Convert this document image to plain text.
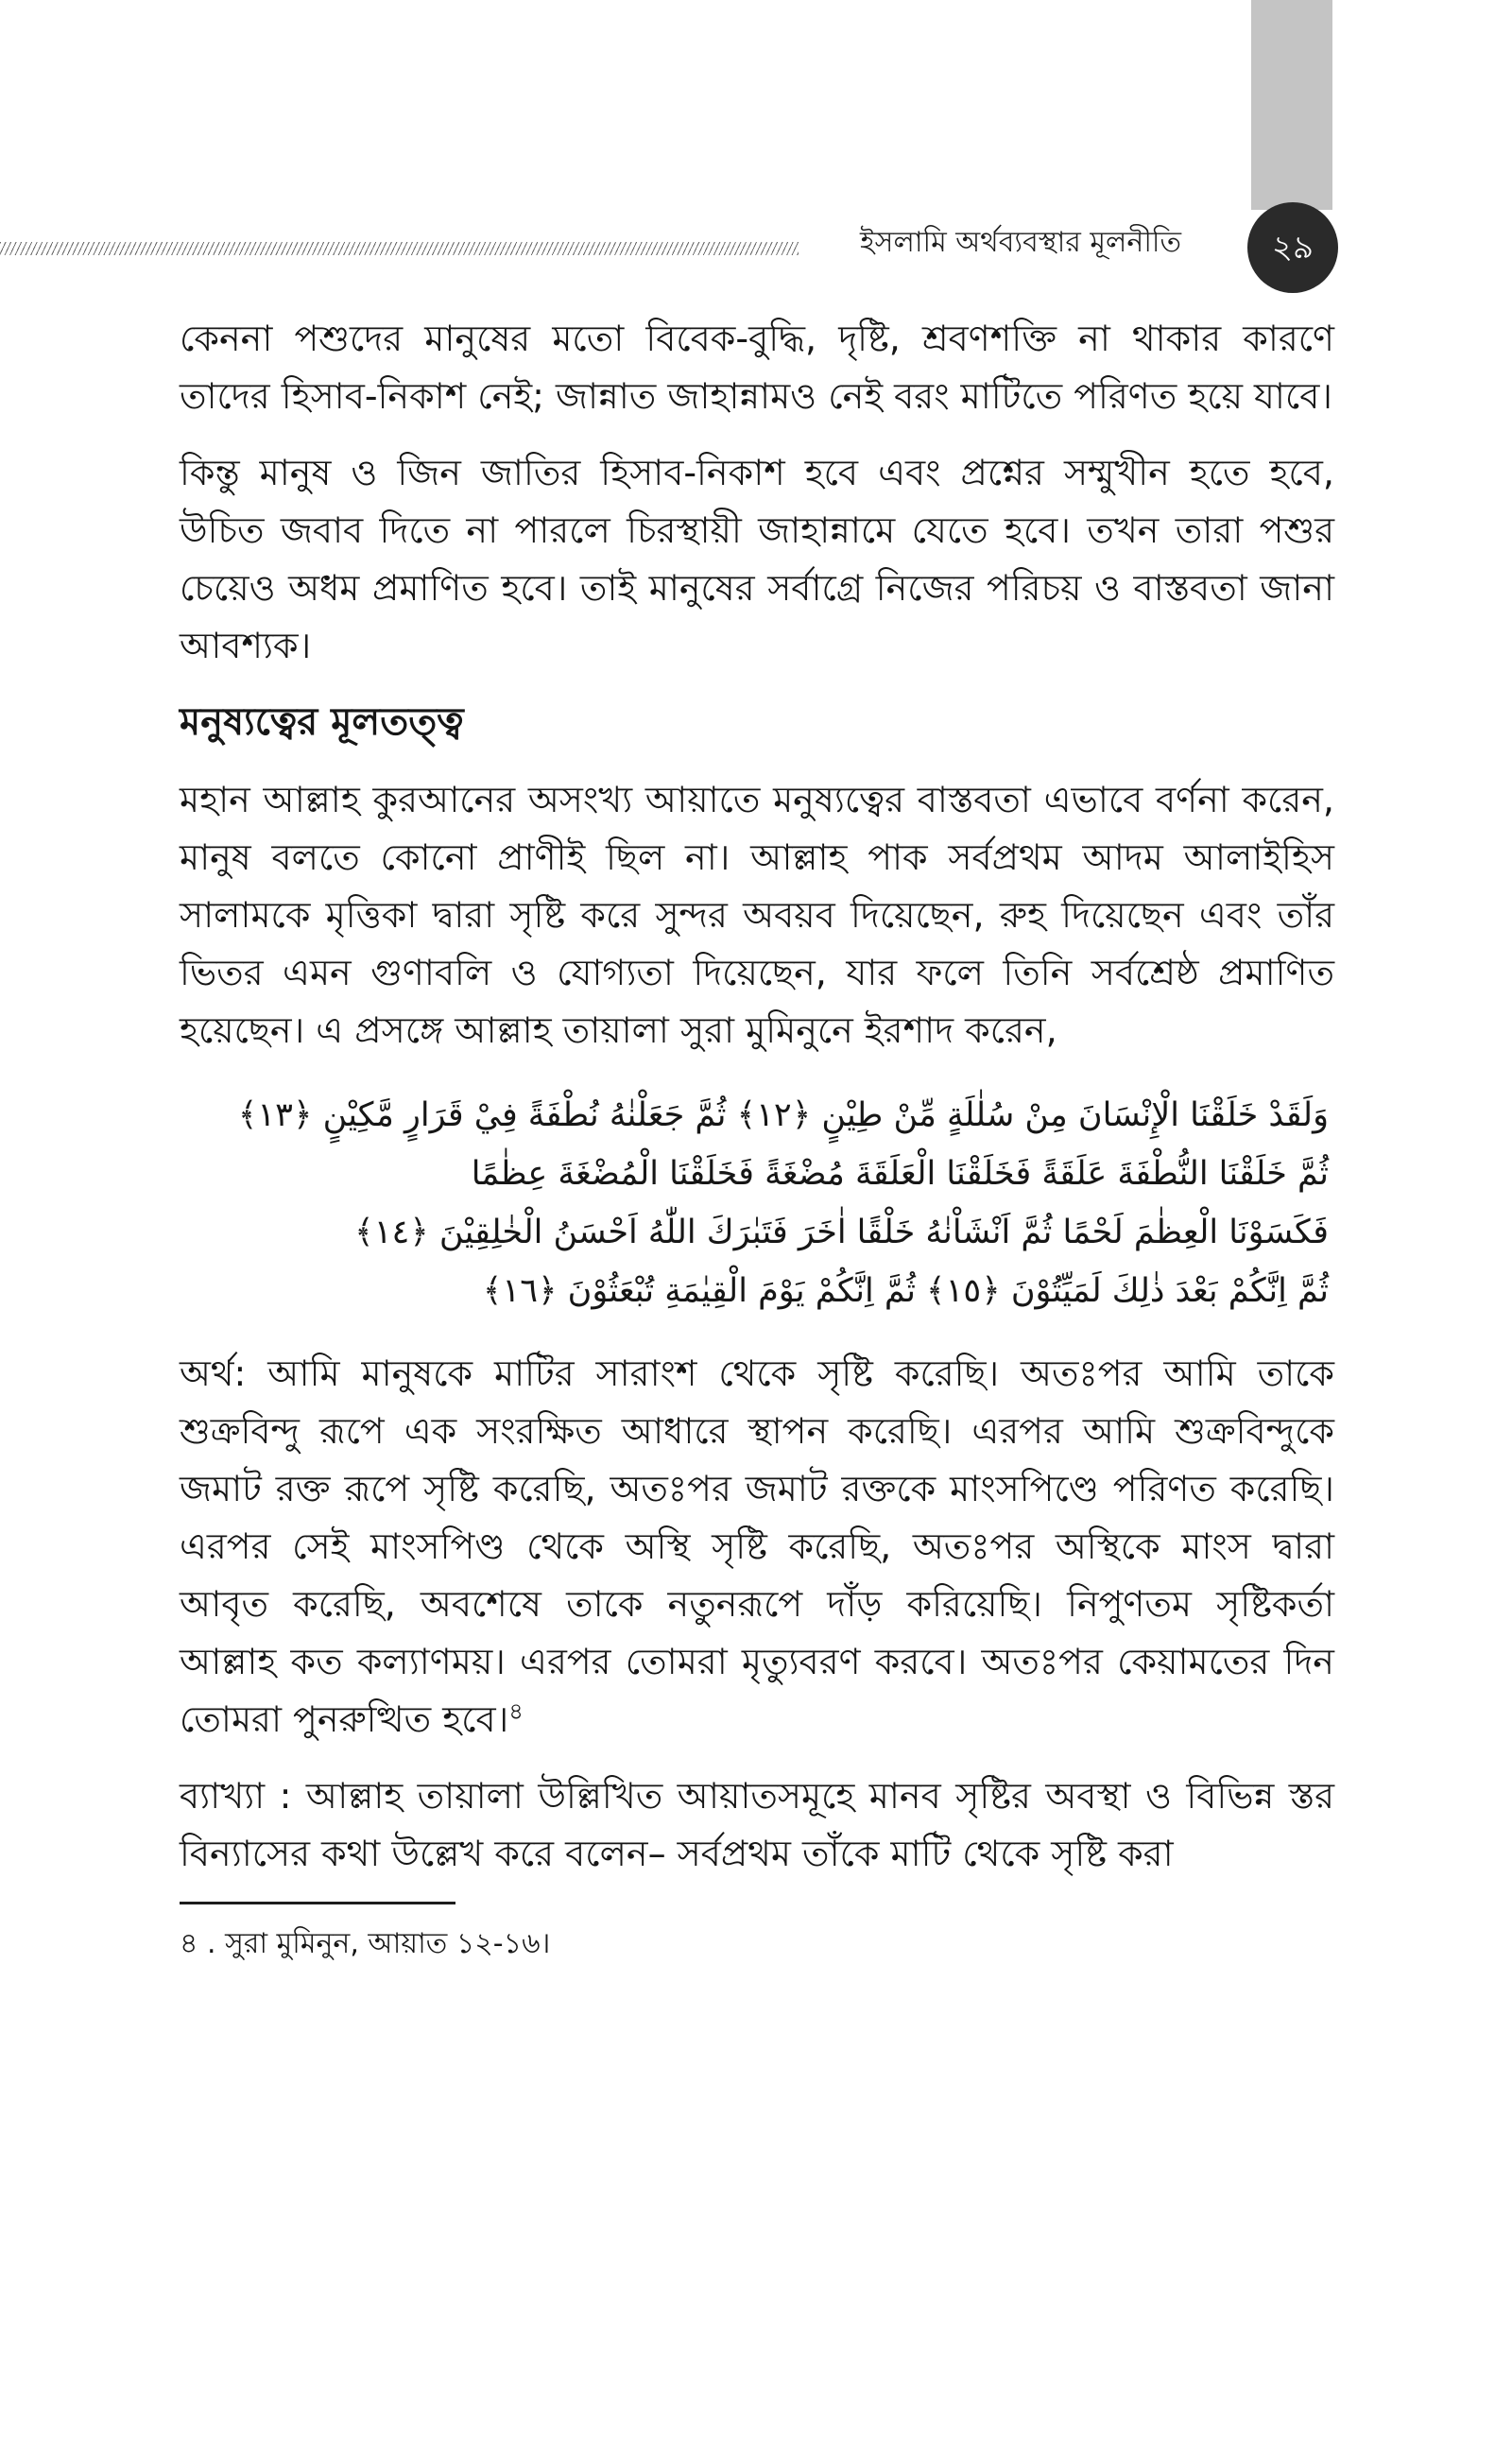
ইসলামি অর্থব্যবস্থার মূলনীতি	২৯

কেননা পশুদের মানুষের মতো বিবেক-বুদ্ধি, দৃষ্টি, শ্রবণশক্তি না থাকার কারণে তাদের হিসাব-নিকাশ নেই; জান্নাত জাহান্নামও নেই বরং মাটিতে পরিণত হয়ে যাবে।

কিন্তু মানুষ ও জিন জাতির হিসাব-নিকাশ হবে এবং প্রশ্নের সম্মুখীন হতে হবে, উচিত জবাব দিতে না পারলে চিরস্থায়ী জাহান্নামে যেতে হবে। তখন তারা পশুর চেয়েও অধম প্রমাণিত হবে। তাই মানুষের সর্বাগ্রে নিজের পরিচয় ও বাস্তবতা জানা আবশ্যক।

মনুষ্যত্বের মূলতত্ত্ব

মহান আল্লাহ কুরআনের অসংখ্য আয়াতে মনুষ্যত্বের বাস্তবতা এভাবে বর্ণনা করেন, মানুষ বলতে কোনো প্রাণীই ছিল না। আল্লাহ পাক সর্বপ্রথম আদম আলাইহিস সালামকে মৃত্তিকা দ্বারা সৃষ্টি করে সুন্দর অবয়ব দিয়েছেন, রুহ দিয়েছেন এবং তাঁর ভিতর এমন গুণাবলি ও যোগ্যতা দিয়েছেন, যার ফলে তিনি সর্বশ্রেষ্ঠ প্রমাণিত হয়েছেন। এ প্রসঙ্গে আল্লাহ তায়ালা সুরা মুমিনুনে ইরশাদ করেন,

وَلَقَدْ خَلَقْنَا الْإِنْسَانَ مِنْ سُلٰلَةٍ مِّنْ طِيْنٍ ﴿١٢﴾ ثُمَّ جَعَلْنٰهُ نُطْفَةً فِيْ قَرَارٍ مَّكِيْنٍ ﴿١٣﴾
ثُمَّ خَلَقْنَا النُّطْفَةَ عَلَقَةً فَخَلَقْنَا الْعَلَقَةَ مُضْغَةً فَخَلَقْنَا الْمُضْغَةَ عِظٰمًا
فَكَسَوْنَا الْعِظٰمَ لَحْمًا ثُمَّ اَنْشَاْنٰهُ خَلْقًا اٰخَرَ فَتَبٰرَكَ اللّٰهُ اَحْسَنُ الْخٰلِقِيْنَ ﴿١٤﴾
ثُمَّ اِنَّكُمْ بَعْدَ ذٰلِكَ لَمَيِّتُوْنَ ﴿١٥﴾ ثُمَّ اِنَّكُمْ يَوْمَ الْقِيٰمَةِ تُبْعَثُوْنَ ﴿١٦﴾

অর্থ: আমি মানুষকে মাটির সারাংশ থেকে সৃষ্টি করেছি। অতঃপর আমি তাকে শুক্রবিন্দু রূপে এক সংরক্ষিত আধারে স্থাপন করেছি। এরপর আমি শুক্রবিন্দুকে জমাট রক্ত রূপে সৃষ্টি করেছি, অতঃপর জমাট রক্তকে মাংসপিণ্ডে পরিণত করেছি। এরপর সেই মাংসপিণ্ড থেকে অস্থি সৃষ্টি করেছি, অতঃপর অস্থিকে মাংস দ্বারা আবৃত করেছি, অবশেষে তাকে নতুনরূপে দাঁড় করিয়েছি। নিপুণতম সৃষ্টিকর্তা আল্লাহ কত কল্যাণময়। এরপর তোমরা মৃত্যুবরণ করবে। অতঃপর কেয়ামতের দিন তোমরা পুনরুত্থিত হবে।$^৪$

ব্যাখ্যা : আল্লাহ তায়ালা উল্লিখিত আয়াতসমূহে মানব সৃষ্টির অবস্থা ও বিভিন্ন স্তর বিন্যাসের কথা উল্লেখ করে বলেন– সর্বপ্রথম তাঁকে মাটি থেকে সৃষ্টি করা

৪ . সুরা মুমিনুন, আয়াত ১২-১৬।
